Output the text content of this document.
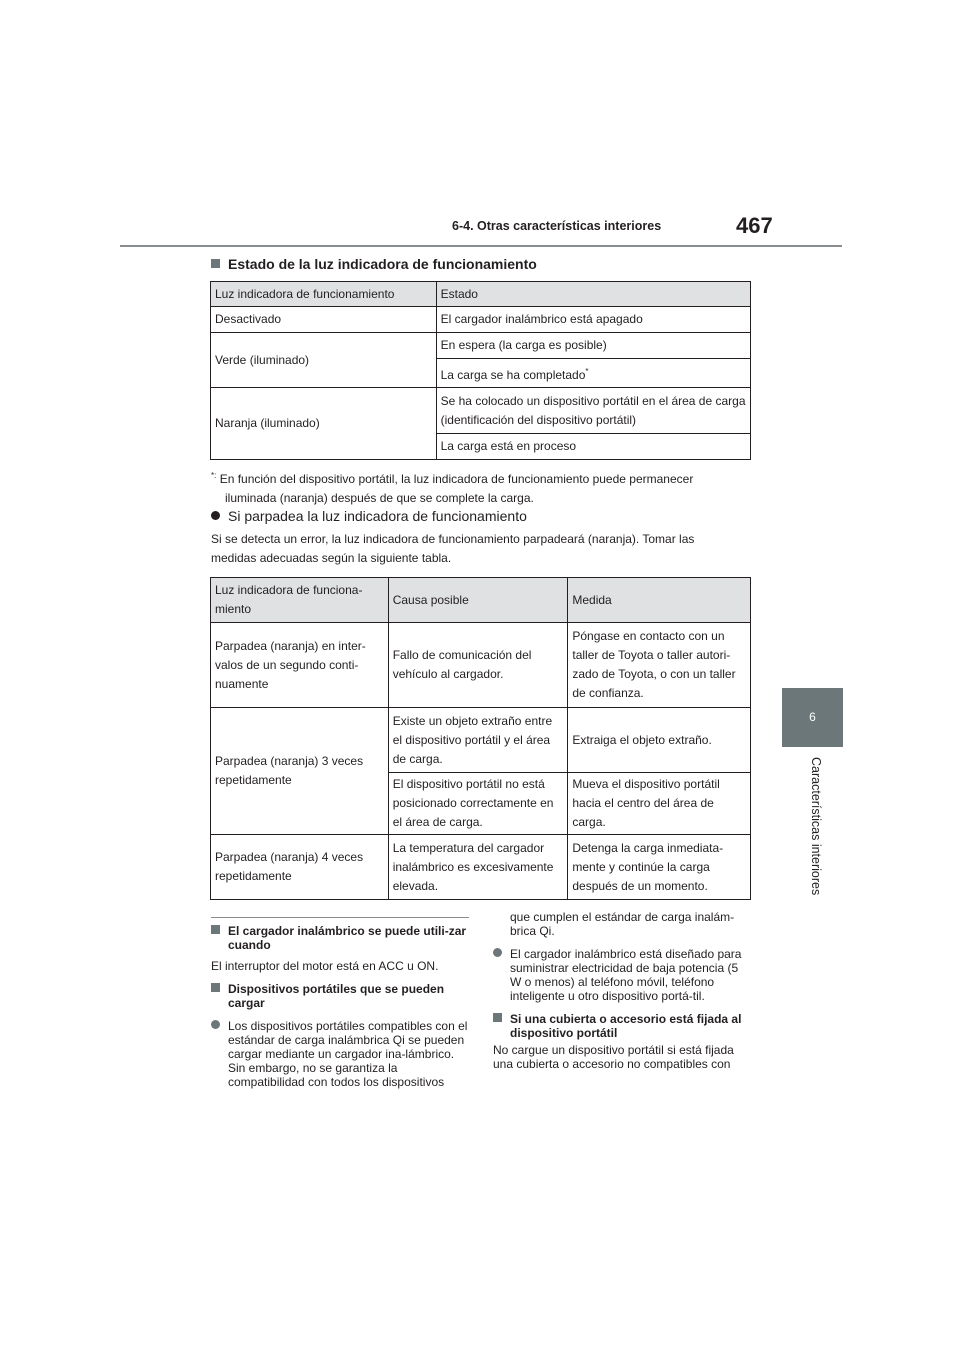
6-4. Otras características interiores	467
6
Características interiores
Estado de la luz indicadora de funcionamiento
Luz indicadora de funcionamiento	Estado
Desactivado	El cargador inalámbrico está apagado
Verde (iluminado)	En espera (la carga es posible)
	La carga se ha completado*
Naranja (iluminado)	Se ha colocado un dispositivo portátil en el área de carga (identificación del dispositivo portátil)
	La carga está en proceso
*: En función del dispositivo portátil, la luz indicadora de funcionamiento puede permanecer
iluminada (naranja) después de que se complete la carga.
Si parpadea la luz indicadora de funcionamiento
Si se detecta un error, la luz indicadora de funcionamiento parpadeará (naranja). Tomar las
medidas adecuadas según la siguiente tabla.
Luz indicadora de funciona-miento	Causa posible	Medida
Parpadea (naranja) en inter-valos de un segundo conti-nuamente	Fallo de comunicación del vehículo al cargador.	Póngase en contacto con un taller de Toyota o taller autori-zado de Toyota, o con un taller de confianza.
Parpadea (naranja) 3 veces repetidamente	Existe un objeto extraño entre el dispositivo portátil y el área de carga.	Extraiga el objeto extraño.
	El dispositivo portátil no está posicionado correctamente en el área de carga.	Mueva el dispositivo portátil hacia el centro del área de carga.
Parpadea (naranja) 4 veces repetidamente	La temperatura del cargador inalámbrico es excesivamente elevada.	Detenga la carga inmediata-mente y continúe la carga después de un momento.

El cargador inalámbrico se puede utili-zar cuando

El interruptor del motor está en ACC u ON.

Dispositivos portátiles que se pueden cargar

Los dispositivos portátiles compatibles con el estándar de carga inalámbrica Qi se pueden cargar mediante un cargador ina-lámbrico. Sin embargo, no se garantiza la compatibilidad con todos los dispositivos

que cumplen el estándar de carga inalám-brica Qi.

El cargador inalámbrico está diseñado para suministrar electricidad de baja potencia (5 W o menos) al teléfono móvil, teléfono inteligente u otro dispositivo portá-til.

Si una cubierta o accesorio está fijada al dispositivo portátil

No cargue un dispositivo portátil si está fijada una cubierta o accesorio no compatibles con
